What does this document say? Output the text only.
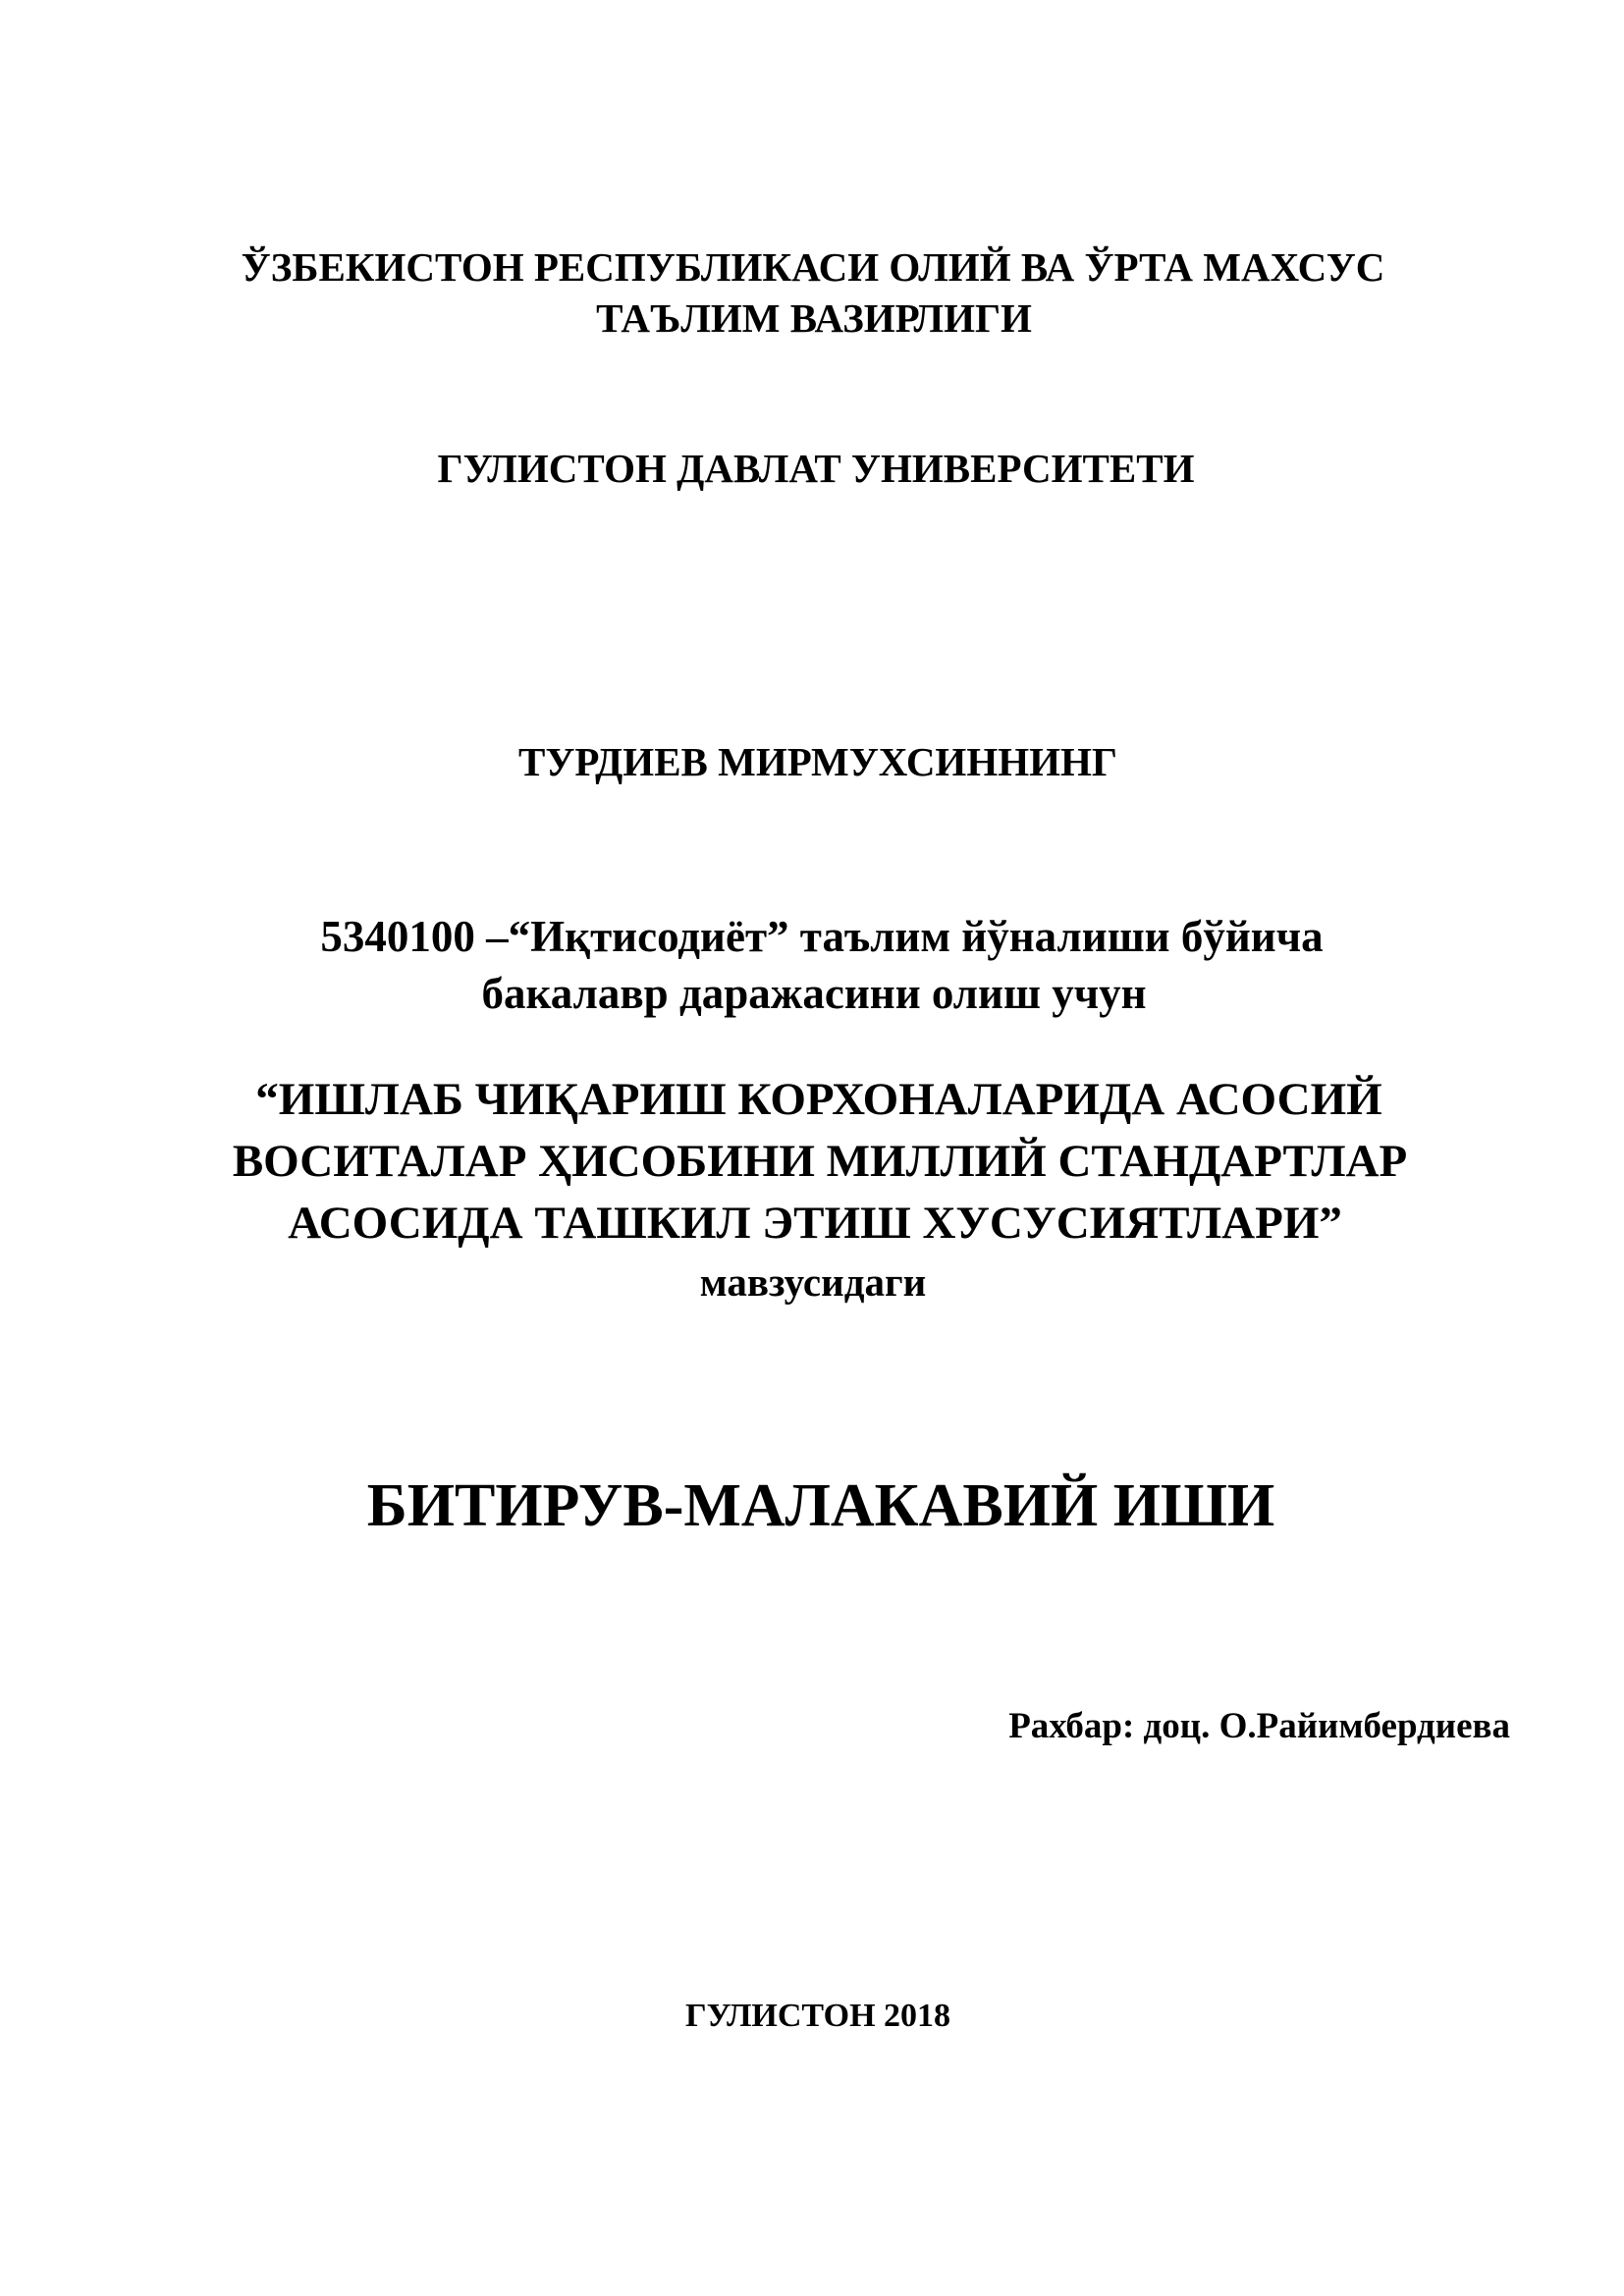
ЎЗБЕКИСТОН РЕСПУБЛИКАСИ ОЛИЙ ВА ЎРТА МАХСУС
ТАЪЛИМ ВАЗИРЛИГИ
ГУЛИСТОН ДАВЛАТ УНИВЕРСИТЕТИ
ТУРДИЕВ МИРМУХСИННИНГ
5340100 –“Иқтисодиёт” таълим йўналиши бўйича
бакалавр даражасини олиш учун
“ИШЛАБ ЧИҚАРИШ КОРХОНАЛАРИДА АСОСИЙ
ВОСИТАЛАР ҲИСОБИНИ МИЛЛИЙ СТАНДАРТЛАР
АСОСИДА ТАШКИЛ ЭТИШ ХУСУСИЯТЛАРИ”
мавзусидаги
БИТИРУВ-МАЛАКАВИЙ ИШИ
Рахбар: доц. О.Райимбердиева
ГУЛИСТОН 2018
